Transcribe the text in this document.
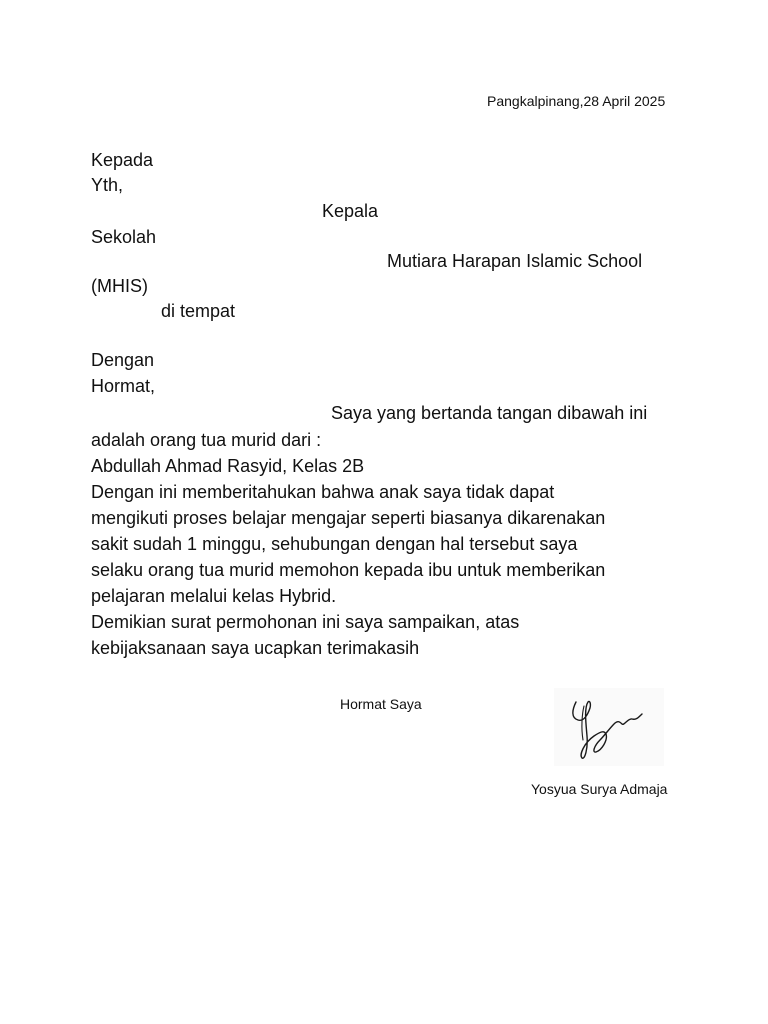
Pangkalpinang,28 April 2025
Kepada
Yth,
Kepala
Sekolah
Mutiara Harapan Islamic School
(MHIS)
di tempat
Dengan
Hormat,
Saya yang bertanda tangan dibawah ini
adalah orang tua murid dari :
Abdullah Ahmad Rasyid, Kelas 2B
Dengan ini memberitahukan bahwa anak saya tidak dapat
mengikuti proses belajar mengajar seperti biasanya dikarenakan
sakit sudah 1 minggu, sehubungan dengan hal tersebut saya
selaku orang tua murid memohon kepada ibu untuk memberikan
pelajaran melalui kelas Hybrid.
Demikian surat permohonan ini saya sampaikan, atas
kebijaksanaan saya ucapkan terimakasih
Hormat Saya
Yosyua Surya Admaja
